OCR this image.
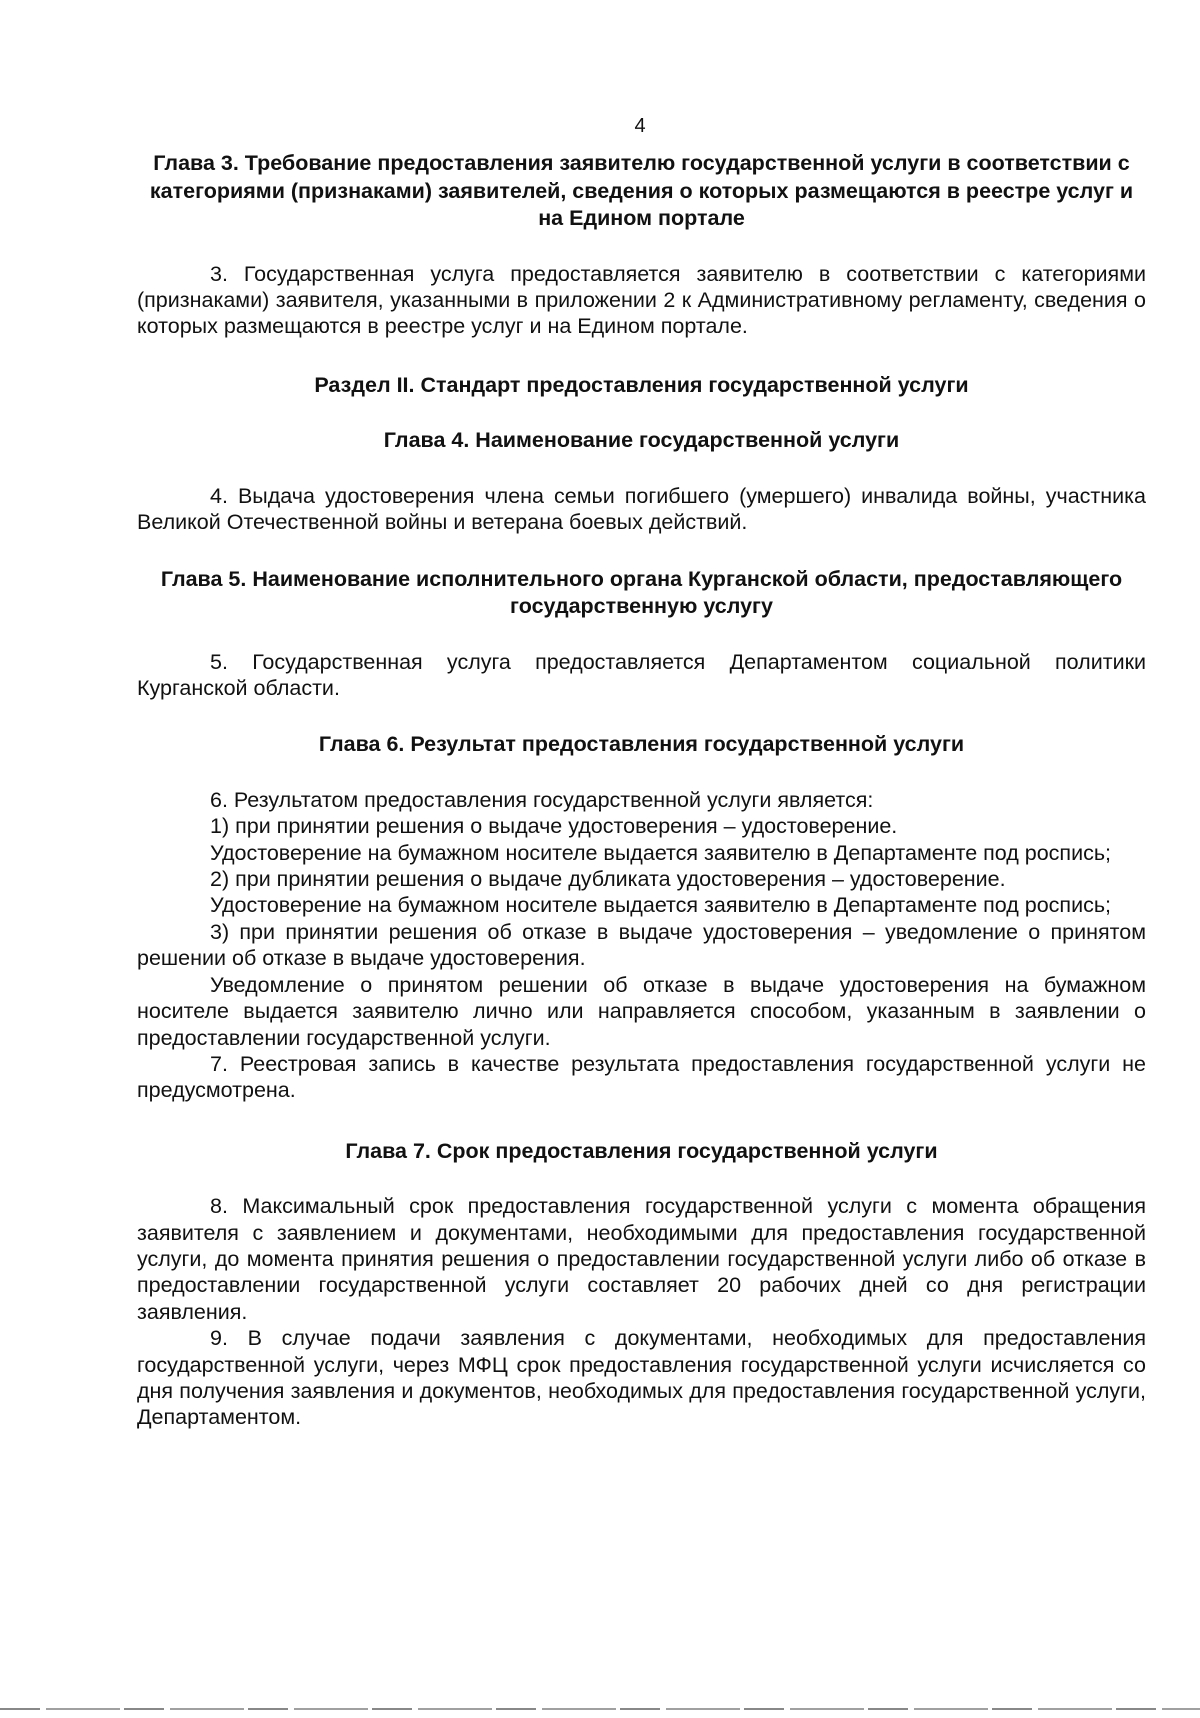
4
Глава 3. Требование предоставления заявителю государственной услуги в соответствии с категориями (признаками) заявителей, сведения о которых размещаются в реестре услуг и на Едином портале

3. Государственная услуга предоставляется заявителю в соответствии с категориями (признаками) заявителя, указанными в приложении 2 к Административному регламенту, сведения о которых размещаются в реестре услуг и на Едином портале.

Раздел II. Стандарт предоставления государственной услуги
Глава 4. Наименование государственной услуги

4. Выдача удостоверения члена семьи погибшего (умершего) инвалида войны, участника Великой Отечественной войны и ветерана боевых действий.

Глава 5. Наименование исполнительного органа Курганской области, предоставляющего государственную услугу

5. Государственная услуга предоставляется Департаментом социальной политики Курганской области.

Глава 6. Результат предоставления государственной услуги

6. Результатом предоставления государственной услуги является:

1) при принятии решения о выдаче удостоверения – удостоверение.

Удостоверение на бумажном носителе выдается заявителю в Департаменте под роспись;

2) при принятии решения о выдаче дубликата удостоверения – удостоверение.

Удостоверение на бумажном носителе выдается заявителю в Департаменте под роспись;

3) при принятии решения об отказе в выдаче удостоверения – уведомление о принятом решении об отказе в выдаче удостоверения.

Уведомление о принятом решении об отказе в выдаче удостоверения на бумажном носителе выдается заявителю лично или направляется способом, указанным в заявлении о предоставлении государственной услуги.

7. Реестровая запись в качестве результата предоставления государственной услуги не предусмотрена.

Глава 7. Срок предоставления государственной услуги

8. Максимальный срок предоставления государственной услуги с момента обращения заявителя с заявлением и документами, необходимыми для предоставления государственной услуги, до момента принятия решения о предоставлении государственной услуги либо об отказе в предоставлении государственной услуги составляет 20 рабочих дней со дня регистрации заявления.

9. В случае подачи заявления с документами, необходимых для предоставления государственной услуги, через МФЦ срок предоставления государственной услуги исчисляется со дня получения заявления и документов, необходимых для предоставления государственной услуги, Департаментом.
